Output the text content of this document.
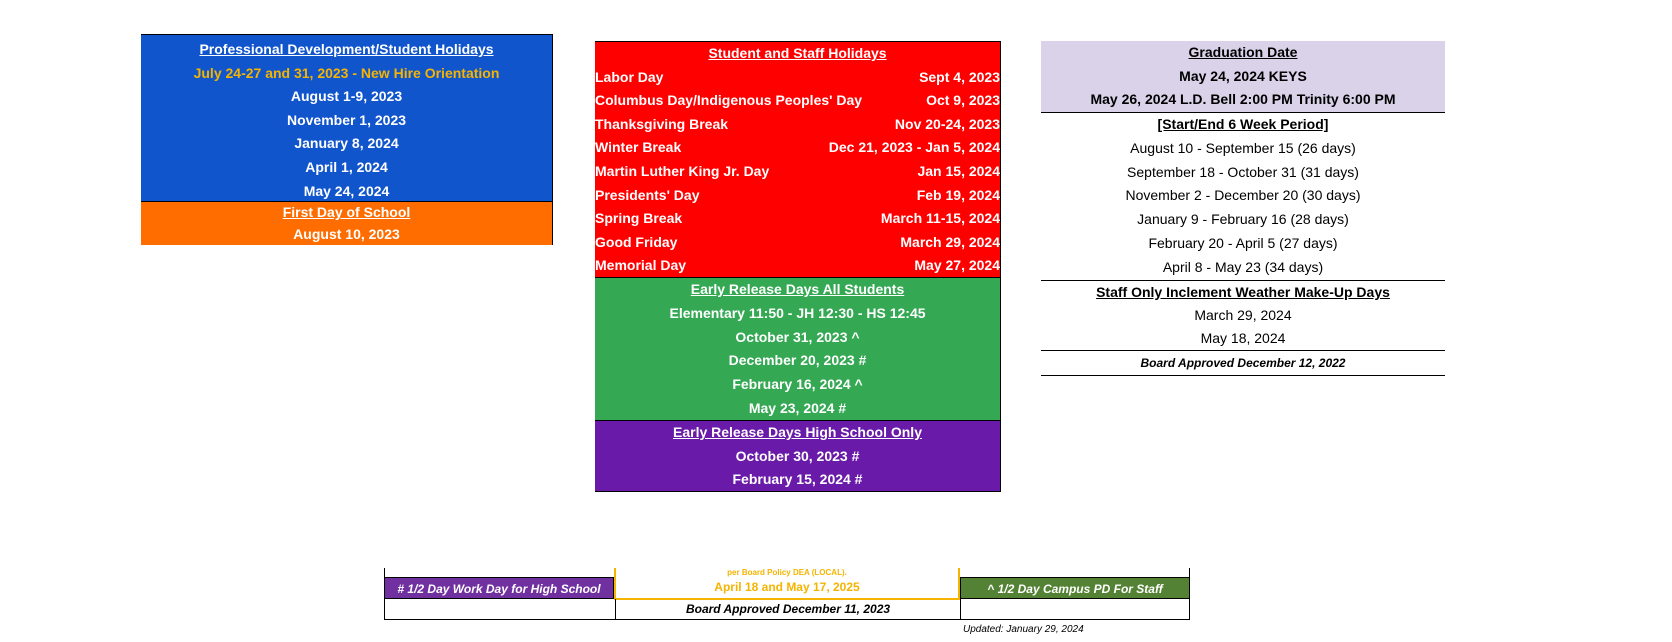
Professional Development/Student Holidays
July 24-27 and 31, 2023 - New Hire Orientation
August 1-9, 2023
November 1, 2023
January 8, 2024
April 1, 2024
May 24, 2024
First Day of School
August 10, 2023
Student and Staff Holidays
Labor Day	Sept 4, 2023
Columbus Day/Indigenous Peoples' Day	Oct 9, 2023
Thanksgiving Break	Nov 20-24, 2023
Winter Break	Dec 21, 2023 - Jan 5, 2024
Martin Luther King Jr. Day	Jan 15, 2024
Presidents' Day	Feb 19, 2024
Spring Break	March 11-15, 2024
Good Friday	March 29, 2024
Memorial Day	May 27, 2024
Early Release Days All Students
Elementary 11:50 - JH 12:30 - HS 12:45
October 31, 2023 ^
December 20, 2023 #
February 16, 2024 ^
May 23, 2024 #
Early Release Days High School Only
October 30, 2023 #
February 15, 2024 #
Graduation Date
May 24, 2024 KEYS
May 26, 2024 L.D. Bell 2:00 PM Trinity 6:00 PM
[Start/End 6 Week Period]
August 10 - September 15 (26 days)
September 18 - October 31 (31 days)
November 2 - December 20 (30 days)
January 9 - February 16 (28 days)
February 20 - April 5 (27 days)
April 8 - May 23 (34 days)
Staff Only Inclement Weather Make-Up Days
March 29, 2024
May 18, 2024
Board Approved December 12, 2022
# 1/2 Day Work Day for High School
per Board Policy DEA (LOCAL).
April 18 and May 17, 2025	^ 1/2 Day Campus PD For Staff
Board Approved December 11, 2023
Updated: January 29, 2024
